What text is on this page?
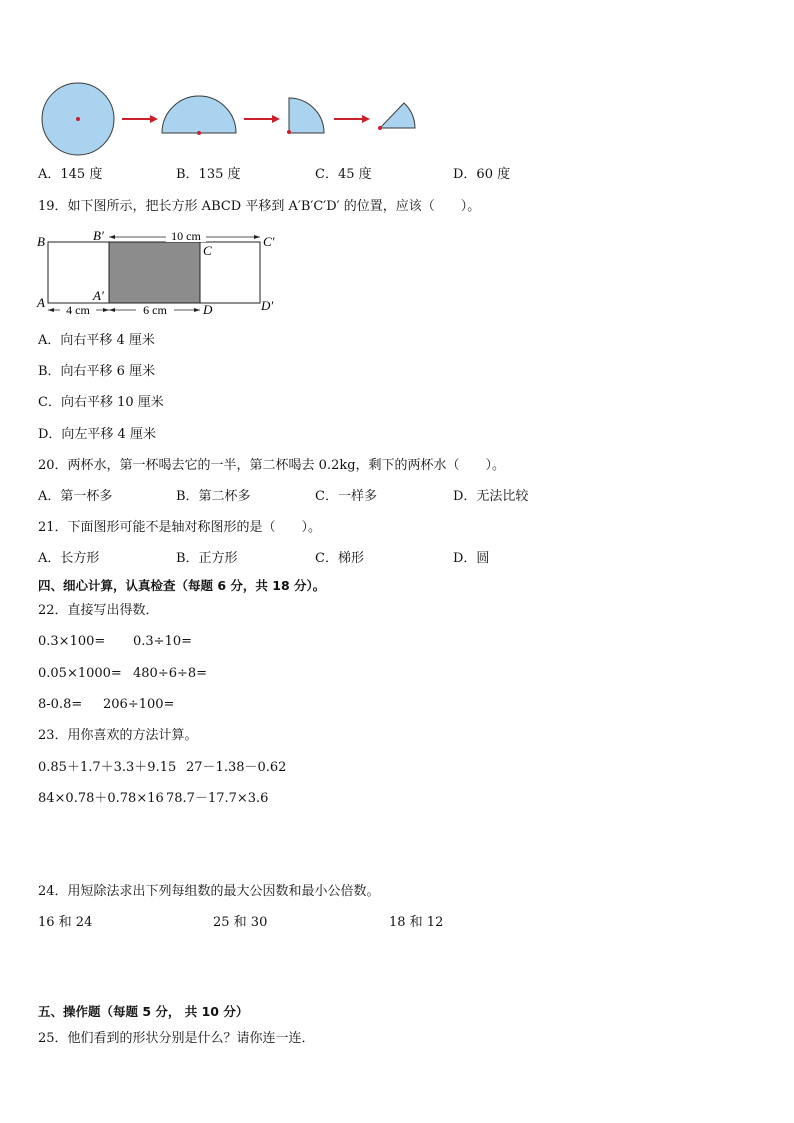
A．145 度	B．135 度	C．45 度	D．60 度
19．如下图所示，把长方形 ABCD 平移到 A′B′C′D′ 的位置，应该（　　）。
10 cm
4 cm	6 cm
B	B′	C′
C
A	A′
D	D′
A．向右平移 4 厘米
B．向右平移 6 厘米
C．向右平移 10 厘米
D．向左平移 4 厘米
20．两杯水，第一杯喝去它的一半，第二杯喝去 0.2kg，剩下的两杯水（　　）。
A．第一杯多	B．第二杯多	C．一样多	D．无法比较
21．下面图形可能不是轴对称图形的是（　　）。
A．长方形	B．正方形	C．梯形	D．圆
四、细心计算，认真检查（每题 6 分，共 18 分）。
22．直接写出得数．
0.3×100= 0.3÷10=
0.05×1000= 480÷6÷8=
8-0.8= 206÷100=
23．用你喜欢的方法计算。
0.85＋1.7＋3.3＋9.15 27－1.38－0.62
84×0.78＋0.78×16 78.7－17.7×3.6
24．用短除法求出下列每组数的最大公因数和最小公倍数。
16 和 24	25 和 30	18 和 12
五、操作题（每题 5 分， 共 10 分）
25．他们看到的形状分别是什么？请你连一连．
